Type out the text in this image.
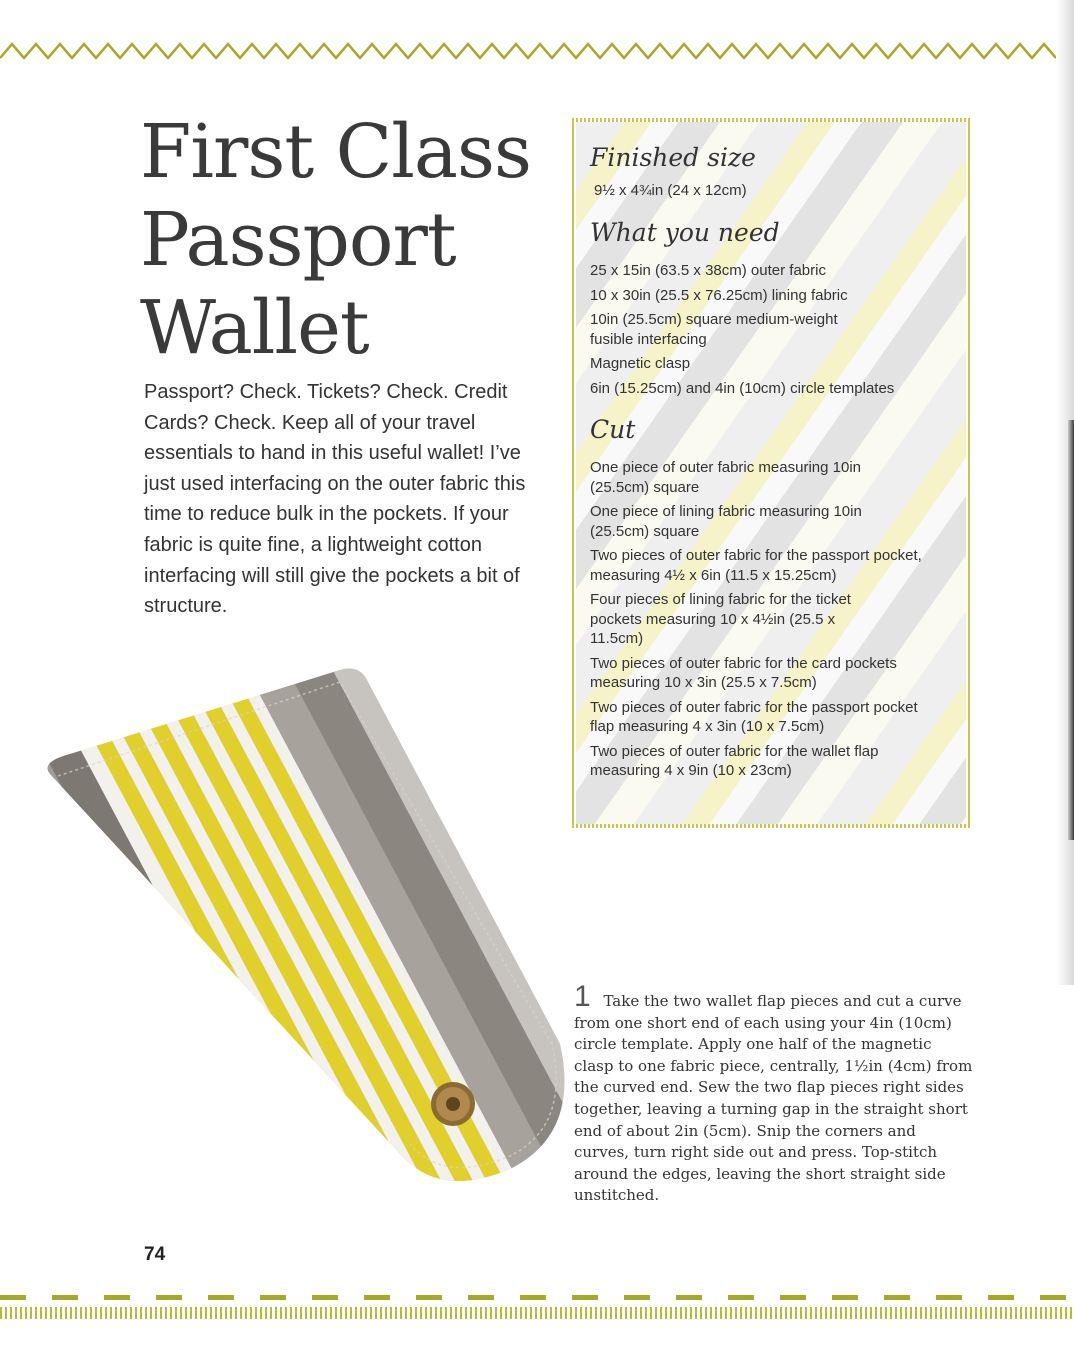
First Class
Passport
Wallet

Passport? Check. Tickets? Check. Credit Cards? Check. Keep all of your travel essentials to hand in this useful wallet! I’ve just used interfacing on the outer fabric this time to reduce bulk in the pockets. If your fabric is quite fine, a lightweight cotton interfacing will still give the pockets a bit of structure.

Finished size
9½ x 4¾in (24 x 12cm)
What you need
25 x 15in (63.5 x 38cm) outer fabric
10 x 30in (25.5 x 76.25cm) lining fabric
10in (25.5cm) square medium-weight fusible interfacing
Magnetic clasp
6in (15.25cm) and 4in (10cm) circle templates
Cut
One piece of outer fabric measuring 10in (25.5cm) square
One piece of lining fabric measuring 10in (25.5cm) square
Two pieces of outer fabric for the passport pocket, measuring 4½ x 6in (11.5 x 15.25cm)
Four pieces of lining fabric for the ticket pockets measuring 10 x 4½in (25.5 x 11.5cm)
Two pieces of outer fabric for the card pockets measuring 10 x 3in (25.5 x 7.5cm)
Two pieces of outer fabric for the passport pocket flap measuring 4 x 3in (10 x 7.5cm)
Two pieces of outer fabric for the wallet flap measuring 4 x 9in (10 x 23cm)

1 Take the two wallet flap pieces and cut a curve from one short end of each using your 4in (10cm) circle template. Apply one half of the magnetic clasp to one fabric piece, centrally, 1½in (4cm) from the curved end. Sew the two flap pieces right sides together, leaving a turning gap in the straight short end of about 2in (5cm). Snip the corners and curves, turn right side out and press. Top-stitch around the edges, leaving the short straight side unstitched.

74
